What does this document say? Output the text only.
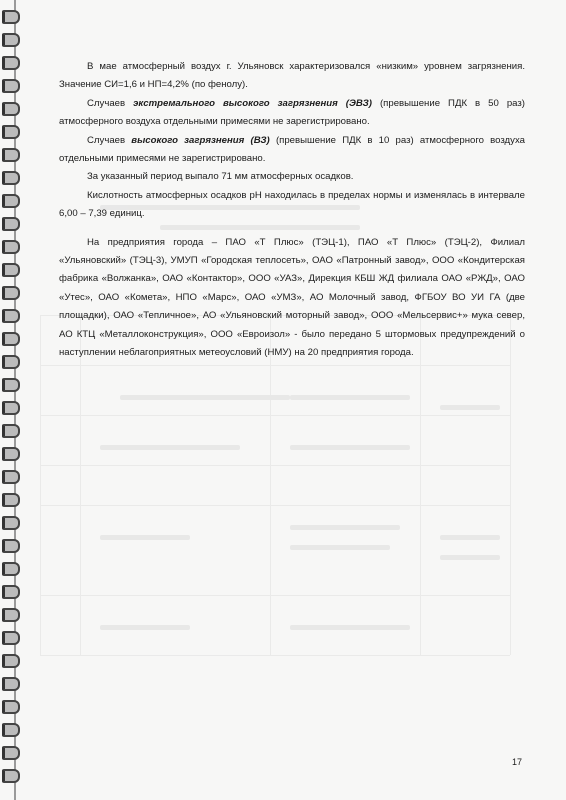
В мае атмосферный воздух г. Ульяновск характеризовался «низким» уровнем загрязнения. Значение СИ=1,6 и НП=4,2% (по фенолу).

Случаев экстремального высокого загрязнения (ЭВЗ) (превышение ПДК в 50 раз) атмосферного воздуха отдельными примесями не зарегистрировано.

Случаев высокого загрязнения (ВЗ) (превышение ПДК в 10 раз) атмосферного воздуха отдельными примесями не зарегистрировано.

За указанный период выпало 71 мм атмосферных осадков.

Кислотность атмосферных осадков рН находилась в пределах нормы и изменялась в интервале 6,00 – 7,39 единиц.

На предприятия города – ПАО «Т Плюс» (ТЭЦ-1), ПАО «Т Плюс» (ТЭЦ-2), Филиал «Ульяновский» (ТЭЦ-3), УМУП «Городская теплосеть», ОАО «Патронный завод», ООО «Кондитерская фабрика «Волжанка», ОАО «Контактор», ООО «УАЗ», Дирекция КБШ ЖД филиала ОАО «РЖД», ОАО «Утес», ОАО «Комета», НПО «Марс», ОАО «УМЗ», АО Молочный завод, ФГБОУ ВО УИ ГА (две площадки), ОАО «Тепличное», АО «Ульяновский моторный завод», ООО «Мельсервис+» мука север, АО КТЦ «Металлоконструкция», ООО «Евроизол» - было передано 5 штормовых предупреждений о наступлении неблагоприятных метеоусловий (НМУ) на 20 предприятия города.

17
